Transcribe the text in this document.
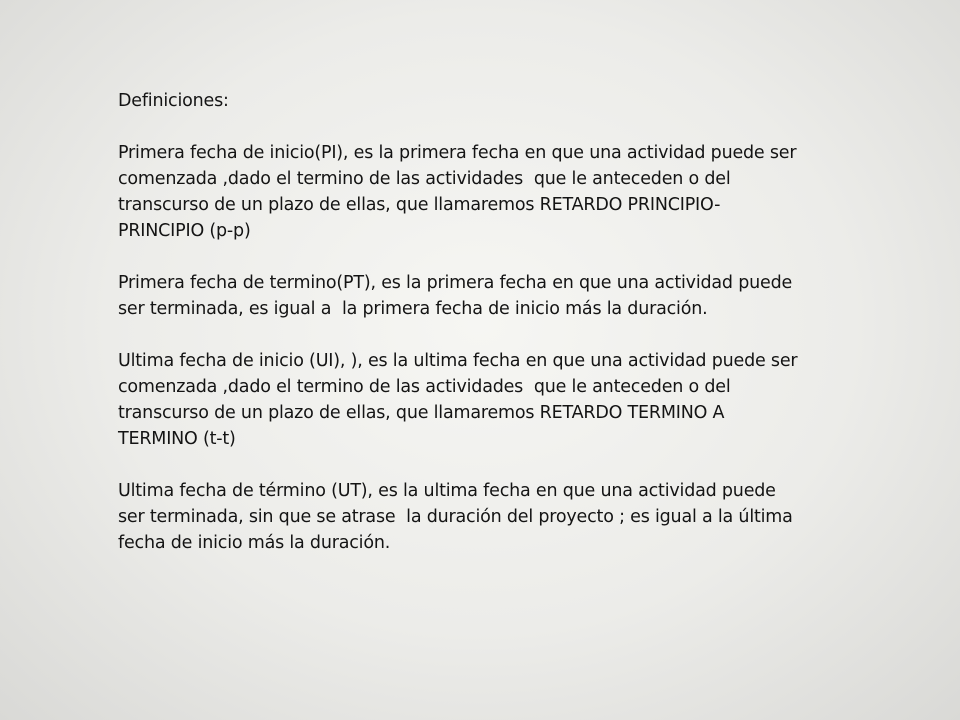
Definiciones:
Primera fecha de inicio(PI), es la primera fecha en que una actividad puede ser
comenzada ,dado el termino de las actividades  que le anteceden o del
transcurso de un plazo de ellas, que llamaremos RETARDO PRINCIPIO-
PRINCIPIO (p-p)
Primera fecha de termino(PT), es la primera fecha en que una actividad puede
ser terminada, es igual a  la primera fecha de inicio más la duración.
Ultima fecha de inicio (UI), ), es la ultima fecha en que una actividad puede ser
comenzada ,dado el termino de las actividades  que le anteceden o del
transcurso de un plazo de ellas, que llamaremos RETARDO TERMINO A
TERMINO (t-t)
Ultima fecha de término (UT), es la ultima fecha en que una actividad puede
ser terminada, sin que se atrase  la duración del proyecto ; es igual a la última
fecha de inicio más la duración.
